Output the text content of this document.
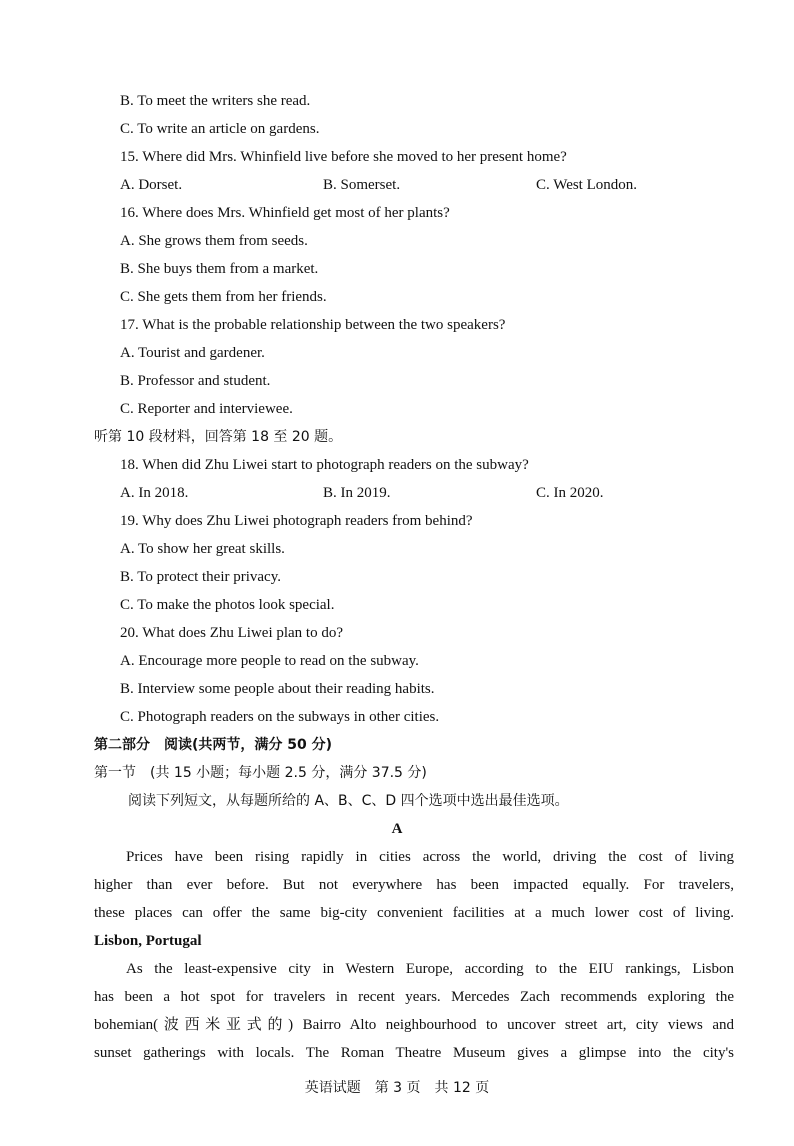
B. To meet the writers she read.
C. To write an article on gardens.
15. Where did Mrs. Whinfield live before she moved to her present home?
A. Dorset.	B. Somerset.	C. West London.
16. Where does Mrs. Whinfield get most of her plants?
A. She grows them from seeds.
B. She buys them from a market.
C. She gets them from her friends.
17. What is the probable relationship between the two speakers?
A. Tourist and gardener.
B. Professor and student.
C. Reporter and interviewee.
听第 10 段材料，回答第 18 至 20 题。
18. When did Zhu Liwei start to photograph readers on the subway?
A. In 2018.	B. In 2019.	C. In 2020.
19. Why does Zhu Liwei photograph readers from behind?
A. To show her great skills.
B. To protect their privacy.
C. To make the photos look special.
20. What does Zhu Liwei plan to do?
A. Encourage more people to read on the subway.
B. Interview some people about their reading habits.
C. Photograph readers on the subways in other cities.
第二部分　阅读(共两节，满分 50 分)
第一节　(共 15 小题；每小题 2.5 分，满分 37.5 分)
阅读下列短文，从每题所给的 A、B、C、D 四个选项中选出最佳选项。
A
Prices have been rising rapidly in cities across the world, driving the cost of living
higher than ever before. But not everywhere has been impacted equally. For travelers,
these places can offer the same big-city convenient facilities at a much lower cost of living.
Lisbon, Portugal
As the least-expensive city in Western Europe, according to the EIU rankings, Lisbon
has been a hot spot for travelers in recent years. Mercedes Zach recommends exploring the
bohemian(波西米亚式的) Bairro Alto neighbourhood to uncover street art, city views and
sunset gatherings with locals. The Roman Theatre Museum gives a glimpse into the city's
英语试题　第 3 页　共 12 页
